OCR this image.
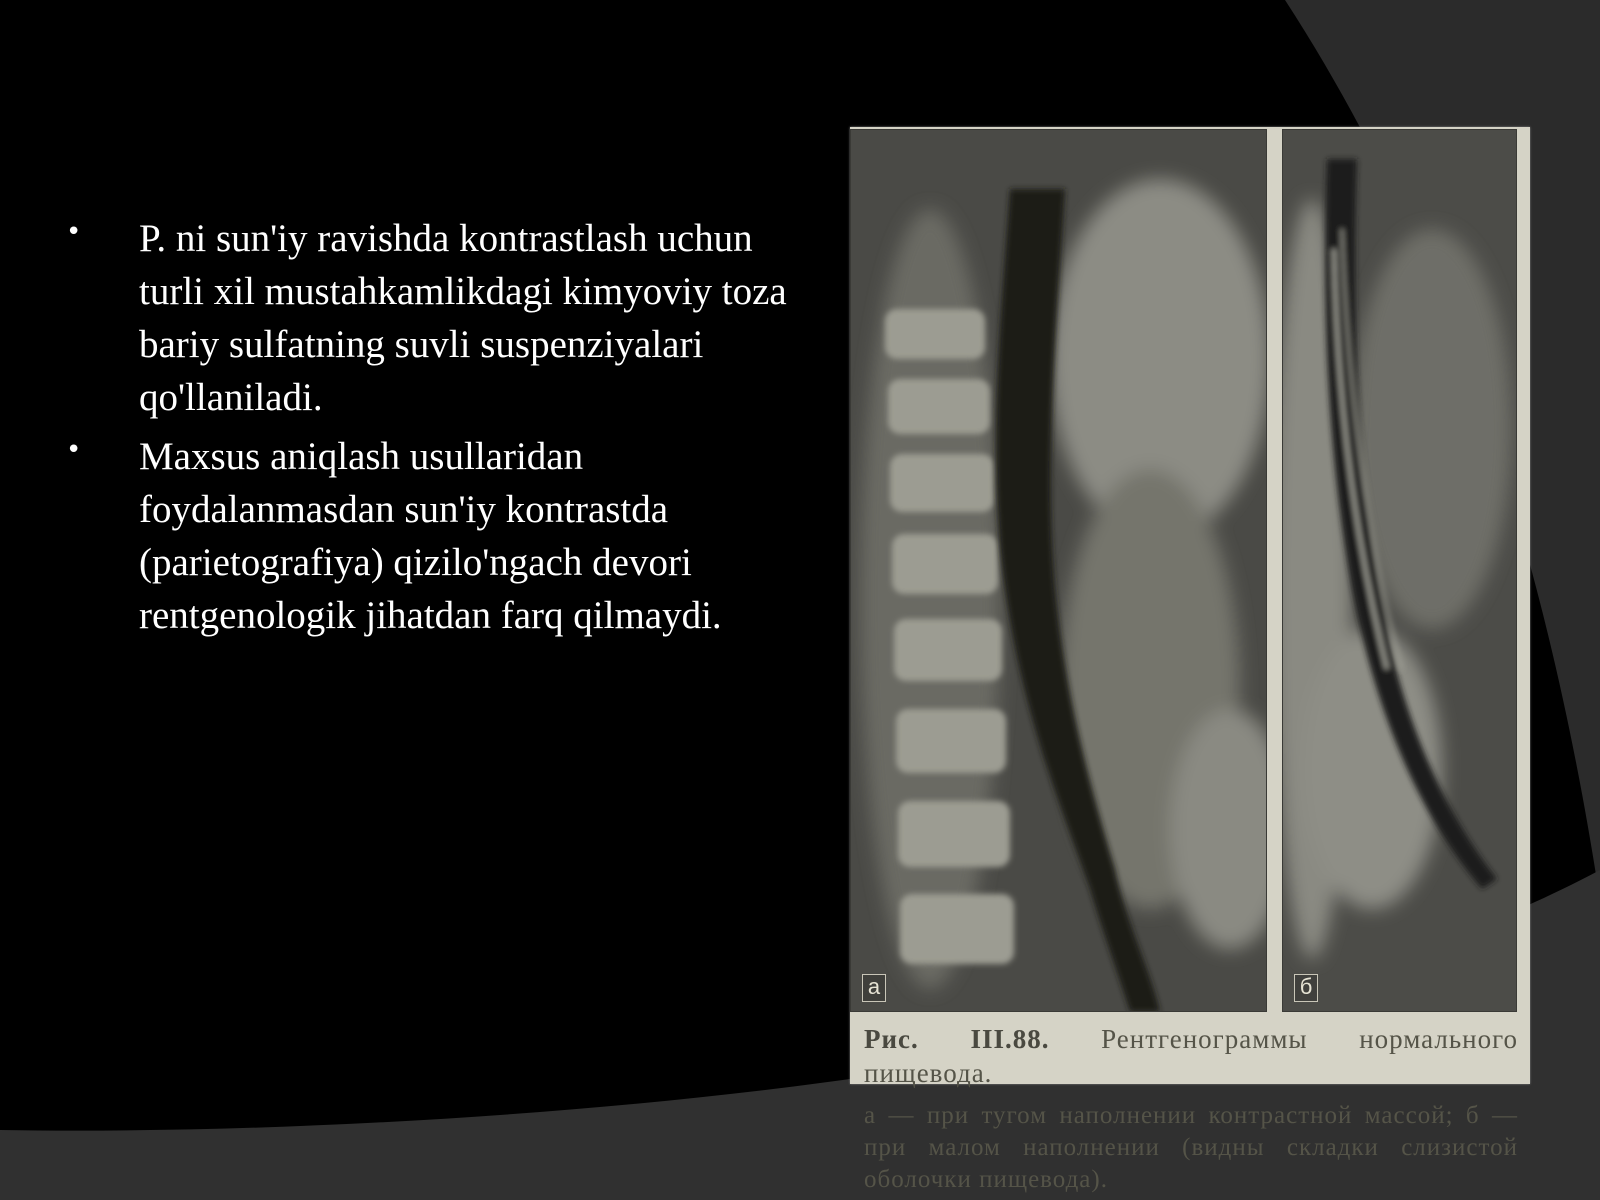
• P. ni sun'iy ravishda kontrastlash uchun turli xil mustahkamlikdagi kimyoviy toza bariy sulfatning suvli suspenziyalari qo'llaniladi.
• Maxsus aniqlash usullaridan foydalanmasdan sun'iy kontrastda (parietografiya) qizilo'ngach devori rentgenologik jihatdan farq qilmaydi.
а	б
Рис. III.88. Рентгенограммы нормального пищевода.
а — при тугом наполнении контрастной массой; б — при малом наполнении (видны складки слизистой оболочки пищевода).
